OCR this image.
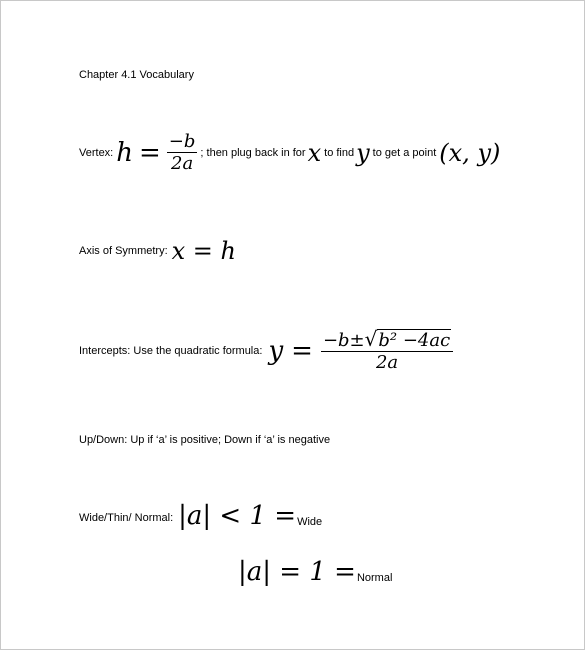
Chapter 4.1 Vocabulary
Vertex: $h = \frac{-b}{2a}$ ; then plug back in for x to find y to get a point (x, y)
Axis of Symmetry: x = h
Intercepts: Use the quadratic formula: $y = \frac{\text{−b± √b² −4ac}}{2a}$
Up/Down: Up if ‘a’ is positive; Down if ‘a’ is negative
Wide/Thin/ Normal: |a| < 1 = Wide
|a| = 1 = Normal
